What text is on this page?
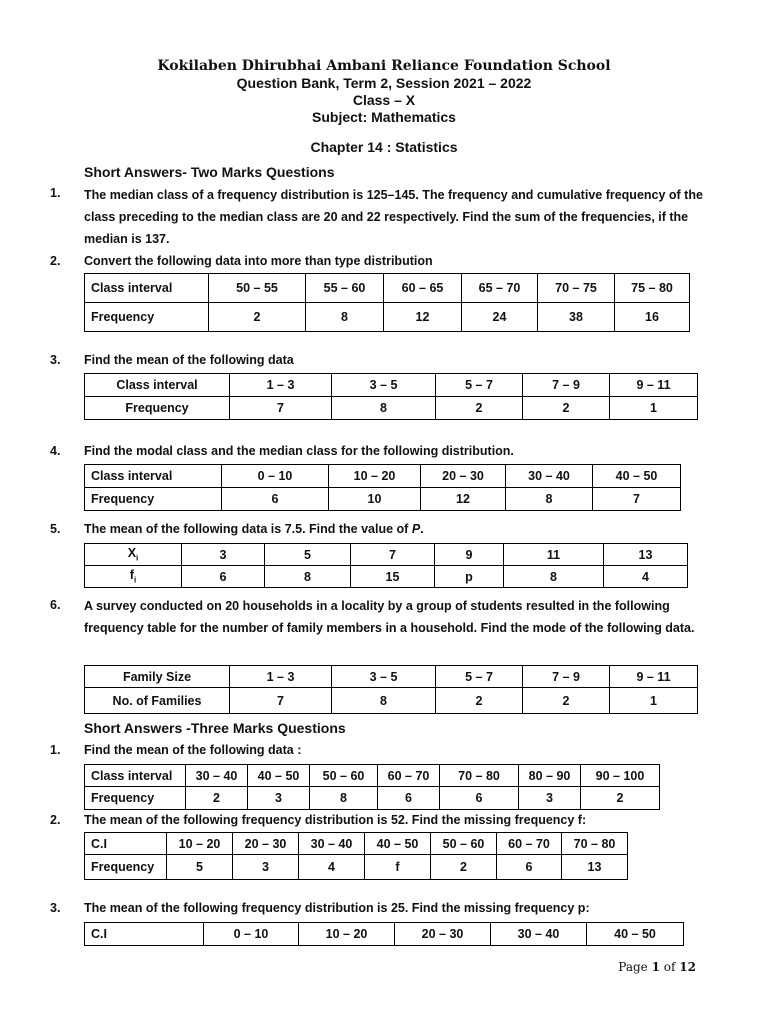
Kokilaben Dhirubhai Ambani Reliance Foundation School
Question Bank, Term 2, Session 2021 – 2022
Class – X
Subject: Mathematics
Chapter 14 : Statistics
Short Answers- Two Marks Questions
1. The median class of a frequency distribution is 125–145. The frequency and cumulative frequency of the class preceding to the median class are 20 and 22 respectively. Find the sum of the frequencies, if the median is 137.
2. Convert the following data into more than type distribution
Class interval	50 – 55	55 – 60	60 – 65	65 – 70	70 – 75	75 – 80
Frequency	2	8	12	24	38	16
3. Find the mean of the following data
Class interval	1 – 3	3 – 5	5 – 7	7 – 9	9 – 11
Frequency	7	8	2	2	1
4. Find the modal class and the median class for the following distribution.
Class interval	0 – 10	10 – 20	20 – 30	30 – 40	40 – 50
Frequency	6	10	12	8	7
5. The mean of the following data is 7.5. Find the value of P.
$X_i$	3	5	7	9	11	13
$f_i$	6	8	15	p	8	4
6. A survey conducted on 20 households in a locality by a group of students resulted in the following frequency table for the number of family members in a household. Find the mode of the following data.
Family Size	1 – 3	3 – 5	5 – 7	7 – 9	9 – 11
No. of Families	7	8	2	2	1
Short Answers -Three Marks Questions
1. Find the mean of the following data :
Class interval	30 – 40	40 – 50	50 – 60	60 – 70	70 – 80	80 – 90	90 – 100
Frequency	2	3	8	6	6	3	2
2. The mean of the following frequency distribution is 52. Find the missing frequency f:
C.I	10 – 20	20 – 30	30 – 40	40 – 50	50 – 60	60 – 70	70 – 80
Frequency	5	3	4	f	2	6	13
3. The mean of the following frequency distribution is 25. Find the missing frequency p:
C.I	0 – 10	10 – 20	20 – 30	30 – 40	40 – 50
Page 1 of 12
